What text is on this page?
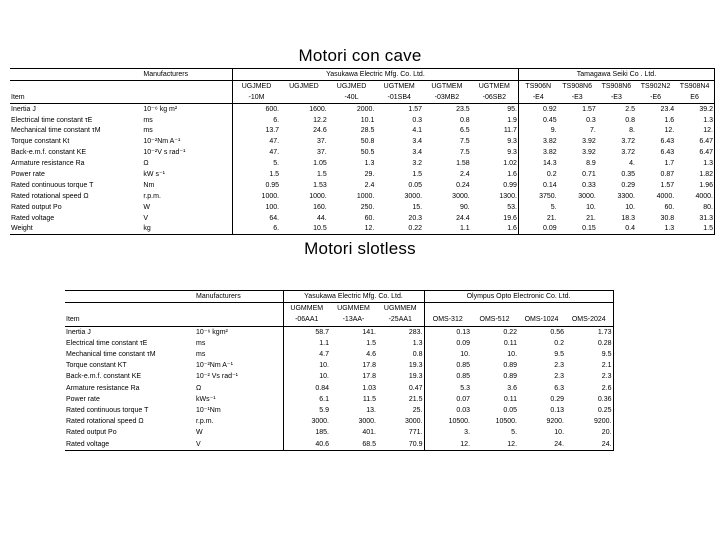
Motori con cave
	Manufacturers	Yasukawa Electric Mfg. Co. Ltd.						Tamagawa Seiki Co . Ltd.				
		UGJMED	UGJMED	UGJMED	UGTMEM	UGTMEM	UGTMEM	TS906N	TS908N6	TS908N6	TS902N2	TS908N4
Item		-10M		-40L	-01SB4	-03MB2	-06SB2	-E4	-E3	-E3	-E6	E6
Inertia J	10⁻⁶ kg m²	600.	1600.	2000.	1.57	23.5	95.	0.92	1.57	2.5	23.4	39.2
Electrical time constant τE	ms	6.	12.2	10.1	0.3	0.8	1.9	0.45	0.3	0.8	1.6	1.3
Mechanical time constant τM	ms	13.7	24.6	28.5	4.1	6.5	11.7	9.	7.	8.	12.	12.
Torque constant Kt	10⁻²Nm A⁻¹	47.	37.	50.8	3.4	7.5	9.3	3.82	3.92	3.72	6.43	6.47
Back-e.m.f. constant KE	10⁻²V s rad⁻¹	47.	37.	50.5	3.4	7.5	9.3	3.82	3.92	3.72	6.43	6.47
Armature resistance Ra	Ω	5.	1.05	1.3	3.2	1.58	1.02	14.3	8.9	4.	1.7	1.3
Power rate	kW s⁻¹	1.5	1.5	29.	1.5	2.4	1.6	0.2	0.71	0.35	0.87	1.82
Rated continuous torque T	Nm	0.95	1.53	2.4	0.05	0.24	0.99	0.14	0.33	0.29	1.57	1.96
Rated rotational speed Ω	r.p.m.	1000.	1000.	1000.	3000.	3000.	1300.	3750.	3000.	3300.	4000.	4000.
Rated output Po	W	100.	160.	250.	15.	90.	53.	5.	10.	10.	60.	80.
Rated voltage	V	64.	44.	60.	20.3	24.4	19.6	21.	21.	18.3	30.8	31.3
Weight	kg	6.	10.5	12.	0.22	1.1	1.6	0.09	0.15	0.4	1.3	1.5
Motori slotless
	Manufacturers	Yasukawa Electric Mfg. Co. Ltd.			Olympus Opto Electronic Co. Ltd.			
		UGMMEM	UGMMEM	UGMMEM				
Item		-06AA1	-13AA-	-25AA1	OMS-312	OMS-512	OMS-1024	OMS-2024
Inertia J	10⁻⁶ kgm²	58.7	141.	283.	0.13	0.22	0.56	1.73
Electrical time constant τE	ms	1.1	1.5	1.3	0.09	0.11	0.2	0.28
Mechanical time constant τM	ms	4.7	4.6	0.8	10.	10.	9.5	9.5
Torque constant KT	10⁻²Nm A⁻¹	10.	17.8	19.3	0.85	0.89	2.3	2.1
Back-e.m.f. constant KE	10⁻² Vs rad⁻¹	10.	17.8	19.3	0.85	0.89	2.3	2.3
Armature resistance Ra	Ω	0.84	1.03	0.47	5.3	3.6	6.3	2.6
Power rate	kWs⁻¹	6.1	11.5	21.5	0.07	0.11	0.29	0.36
Rated continuous torque T	10⁻¹Nm	5.9	13.	25.	0.03	0.05	0.13	0.25
Rated rotational speed Ω	r.p.m.	3000.	3000.	3000.	10500.	10500.	9200.	9200.
Rated output Po	W	185.	401.	771.	3.	5.	10.	20.
Rated voltage	V	40.6	68.5	70.9	12.	12.	24.	24.
